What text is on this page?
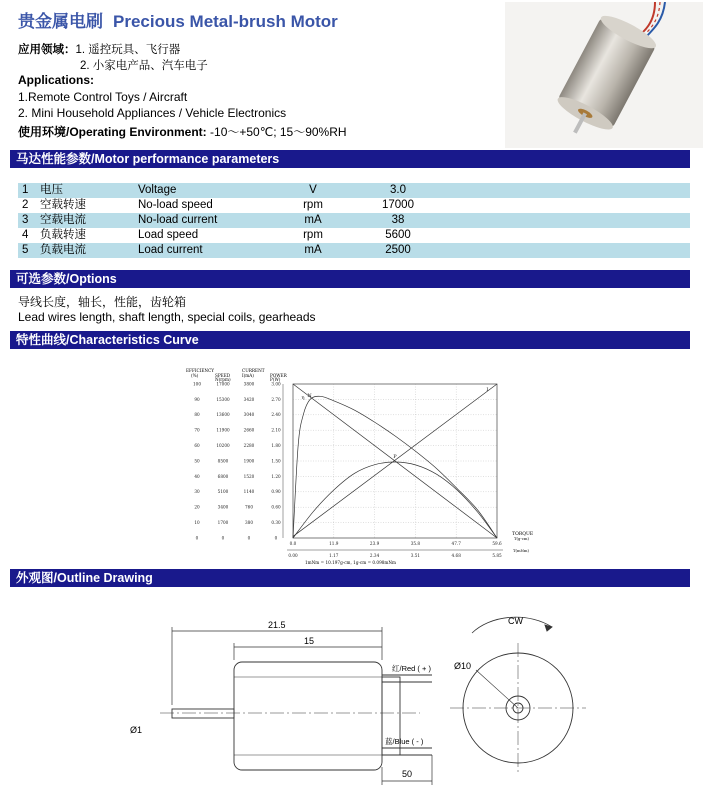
贵金属电刷 Precious Metal-brush Motor
应用领域：1. 遥控玩具、飞行器
2. 小家电产品、汽车电子
Applications:
1.Remote Control Toys / Aircraft
2. Mini Household Appliances / Vehicle Electronics
使用环境/Operating Environment: -10～+50℃; 15～90%RH
马达性能参数/Motor performance parameters
1 电压	Voltage	V	3.0
2 空载转速	No-load speed	rpm	17000
3 空载电流	No-load current	mA	38
4 负载转速	Load speed	rpm	5600
5 负载电流	Load current	mA	2500
可选参数/Options
导线长度，轴长，性能，齿轮箱
Lead wires length, shaft length, special coils, gearheads
特性曲线/Characteristics Curve
100
90
80
70
60
50
40
30
20
10
0
17000
15300
13600
11900
10200
8500
6800
5100
3400
1700
0
3800
3420
3040
2660
2280
1900
1520
1140
760
380
0
3.00
2.70
2.40
2.10
1.80
1.50
1.20
0.90
0.60
0.30
0
0.0	11.9	23.9	35.8	47.7	59.6
0.00	1.17	2.34	3.51	4.68	5.85
η N
P
I
EFFICIENCY
(%)	SPEED
N(rpm)
CURRENT
I(mA)	POWER
P(W)
TORQUE
T(g-cm)
T(mNm)
1mNm = 10.197g-cm, 1g-cm = 0.098mNm
外观图/Outline Drawing
21.5
15
50
Ø1
红/Red ( + )
蓝/Blue ( - )
CW
Ø10
